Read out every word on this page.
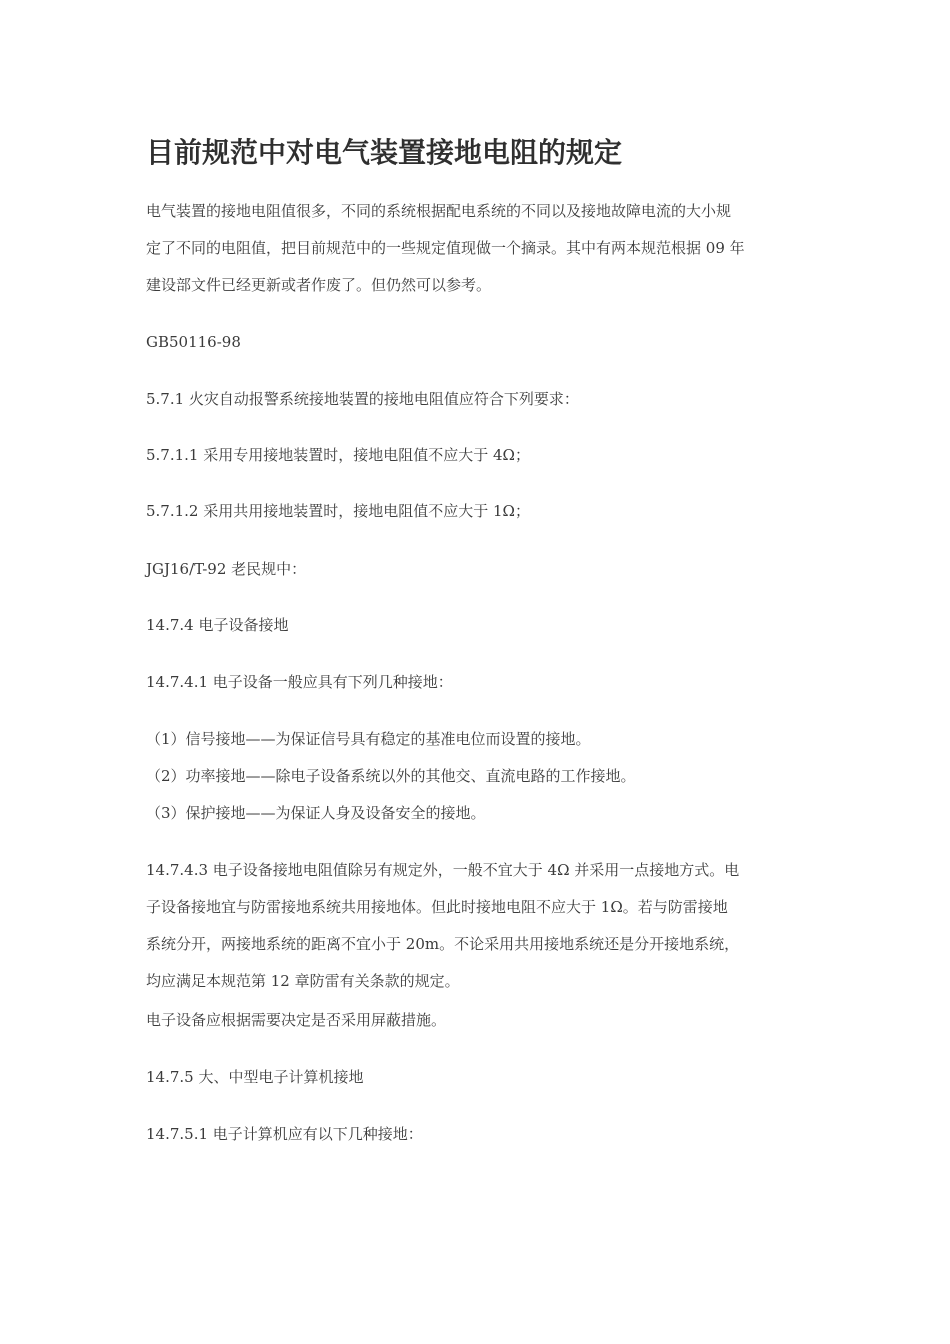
目前规范中对电气装置接地电阻的规定

电气装置的接地电阻值很多，不同的系统根据配电系统的不同以及接地故障电流的大小规

定了不同的电阻值，把目前规范中的一些规定值现做一个摘录。其中有两本规范根据 09 年

建设部文件已经更新或者作废了。但仍然可以参考。

GB50116-98

5.7.1 火灾自动报警系统接地装置的接地电阻值应符合下列要求：

5.7.1.1 采用专用接地装置时，接地电阻值不应大于 4Ω；

5.7.1.2 采用共用接地装置时，接地电阻值不应大于 1Ω；

JGJ16/T-92 老民规中：

14.7.4 电子设备接地

14.7.4.1 电子设备一般应具有下列几种接地：

（1）信号接地——为保证信号具有稳定的基准电位而设置的接地。

（2）功率接地——除电子设备系统以外的其他交、直流电路的工作接地。

（3）保护接地——为保证人身及设备安全的接地。

14.7.4.3 电子设备接地电阻值除另有规定外，一般不宜大于 4Ω 并采用一点接地方式。电

子设备接地宜与防雷接地系统共用接地体。但此时接地电阻不应大于 1Ω。若与防雷接地

系统分开，两接地系统的距离不宜小于 20m。不论采用共用接地系统还是分开接地系统，

均应满足本规范第 12 章防雷有关条款的规定。

电子设备应根据需要决定是否采用屏蔽措施。

14.7.5 大、中型电子计算机接地

14.7.5.1 电子计算机应有以下几种接地：
